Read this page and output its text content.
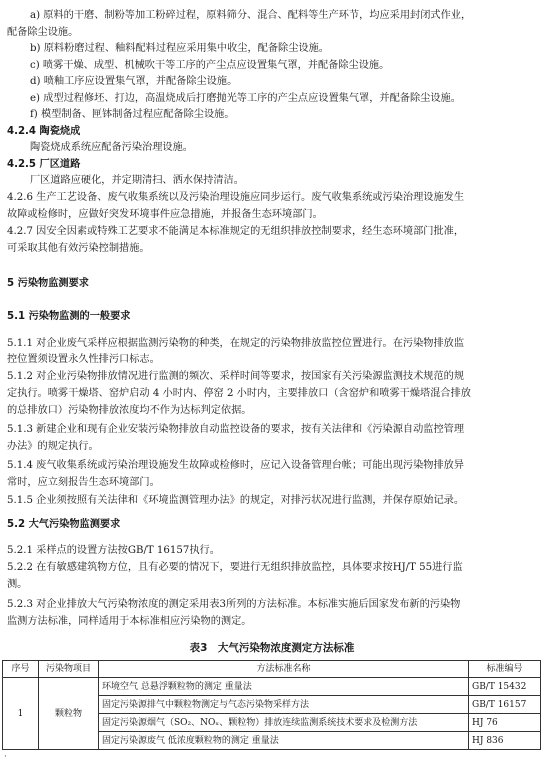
a) 原料的干磨、制粉等加工粉碎过程，原料筛分、混合、配料等生产环节，均应采用封闭式作业，
配备除尘设施。
b) 原料粉磨过程、釉料配料过程应采用集中收尘，配备除尘设施。
c) 喷雾干燥、成型、机械吹干等工序的产尘点应设置集气罩，并配备除尘设施。
d) 喷釉工序应设置集气罩，并配备除尘设施。
e) 成型过程修坯、打边，高温烧成后打磨抛光等工序的产尘点应设置集气罩，并配备除尘设施。
f) 模型制备、匣钵制备过程应配备除尘设施。
4.2.4 陶瓷烧成
陶瓷烧成系统应配备污染治理设施。
4.2.5 厂区道路
厂区道路应硬化，并定期清扫、洒水保持清洁。
4.2.6 生产工艺设备、废气收集系统以及污染治理设施应同步运行。废气收集系统或污染治理设施发生
故障或检修时，应做好突发环境事件应急措施，并报备生态环境部门。
4.2.7 因安全因素或特殊工艺要求不能满足本标准规定的无组织排放控制要求，经生态环境部门批准，
可采取其他有效污染控制措施。
5 污染物监测要求
5.1 污染物监测的一般要求
5.1.1 对企业废气采样应根据监测污染物的种类，在规定的污染物排放监控位置进行。在污染物排放监
控位置须设置永久性排污口标志。
5.1.2 对企业污染物排放情况进行监测的频次、采样时间等要求，按国家有关污染源监测技术规范的规
定执行。喷雾干燥塔、窑炉启动 4 小时内、停窑 2 小时内，主要排放口（含窑炉和喷雾干燥塔混合排放
的总排放口）污染物排放浓度均不作为达标判定依据。
5.1.3 新建企业和现有企业安装污染物排放自动监控设备的要求，按有关法律和《污染源自动监控管理
办法》的规定执行。
5.1.4 废气收集系统或污染治理设施发生故障或检修时，应记入设备管理台帐；可能出现污染物排放异
常时，应立刻报告生态环境部门。
5.1.5 企业须按照有关法律和《环境监测管理办法》的规定，对排污状况进行监测，并保存原始记录。
5.2 大气污染物监测要求
5.2.1 采样点的设置方法按GB/T 16157执行。
5.2.2 在有敏感建筑物方位，且有必要的情况下，要进行无组织排放监控，具体要求按HJ/T 55进行监
测。
5.2.3 对企业排放大气污染物浓度的测定采用表3所列的方法标准。本标准实施后国家发布新的污染物
监测方法标准，同样适用于本标准相应污染物的测定。
表3　大气污染物浓度测定方法标准
序号	污染物项目	方法标准名称	标准编号
1	颗粒物	环境空气 总悬浮颗粒物的测定 重量法	GB/T 15432
		固定污染源排气中颗粒物测定与气态污染物采样方法	GB/T 16157
		固定污染源烟气（SO₂、NOₓ、颗粒物）排放连续监测系统技术要求及检测方法	HJ 76
		固定污染源废气 低浓度颗粒物的测定 重量法	HJ 836
·
